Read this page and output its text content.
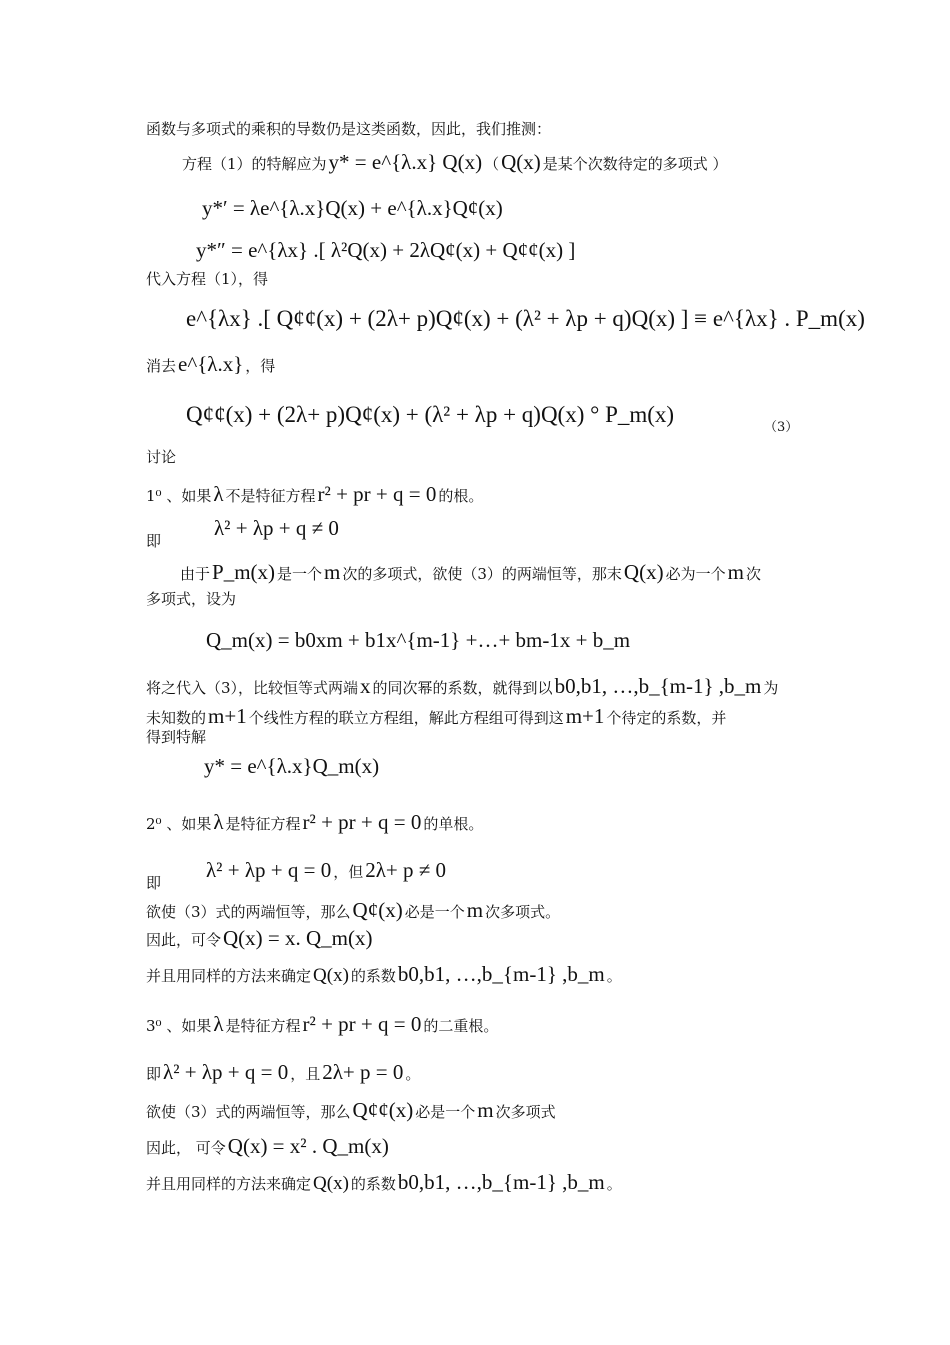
函数与多项式的乘积的导数仍是这类函数，因此，我们推测：
方程（1）的特解应为y* = e^{λ.x} Q(x) （Q(x) 是某个次数待定的多项式 ）
y*′ = λe^{λ.x}Q(x) + e^{λ.x}Q¢(x)
y*″ = e^{λx} .[ λ²Q(x) + 2λQ¢(x) + Q¢¢(x) ]
代入方程（1），得
e^{λx} .[ Q¢¢(x) + (2λ+ p)Q¢(x) + (λ² + λp + q)Q(x) ] ≡ e^{λx} . P_m(x)
消去e^{λ.x} ，得
Q¢¢(x) + (2λ+ p)Q¢(x) + (λ² + λp + q)Q(x) ° P_m(x)
（3）
讨论
1⁰ 、如果λ 不是特征方程r² + pr + q = 0 的根。
即
λ² + λp + q ≠ 0
由于P_m(x) 是一个m 次的多项式，欲使（3）的两端恒等，那末Q(x) 必为一个m 次
多项式，设为
Q_m(x) = b0xm + b1x^{m-1} +…+ bm-1x + b_m
将之代入（3），比较恒等式两端x 的同次幂的系数，就得到以b0,b1, …,b_{m-1} ,b_m 为
未知数的m+1 个线性方程的联立方程组，解此方程组可得到这m+1 个待定的系数，并
得到特解
y* = e^{λ.x}Q_m(x)
2⁰ 、如果λ 是特征方程r² + pr + q = 0 的单根。
即
λ² + λp + q = 0 ，但2λ+ p ≠ 0
欲使（3）式的两端恒等，那么Q¢(x) 必是一个m 次多项式。
因此，可令Q(x) = x. Q_m(x)
并且用同样的方法来确定 Q(x) 的系数b0,b1, …,b_{m-1} ,b_m 。
3⁰ 、如果λ 是特征方程r² + pr + q = 0 的二重根。
即λ² + λp + q = 0 ，且2λ+ p = 0 。
欲使（3）式的两端恒等，那么Q¢¢(x) 必是一个m 次多项式
因此， 可令Q(x) = x² . Q_m(x)
并且用同样的方法来确定 Q(x) 的系数b0,b1, …,b_{m-1} ,b_m 。
